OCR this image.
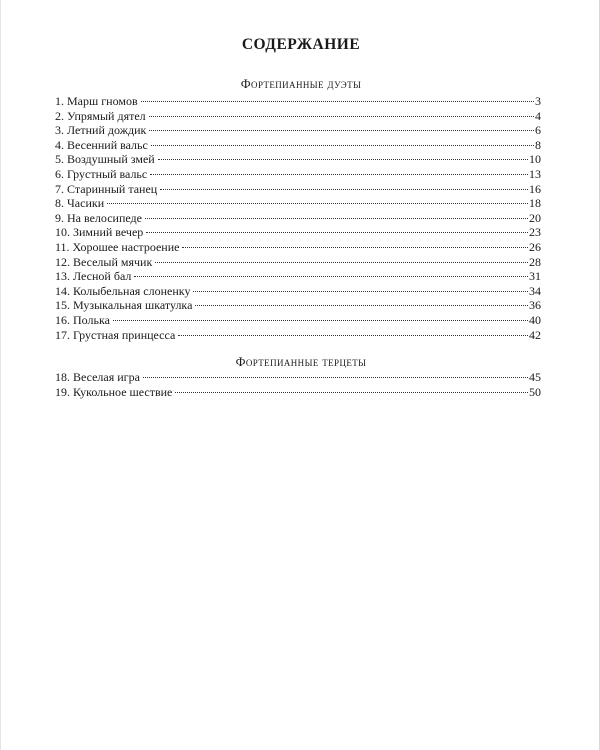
СОДЕРЖАНИЕ
Фортепианные дуэты
1. Марш гномов	3
2. Упрямый дятел	4
3. Летний дождик	6
4. Весенний вальс	8
5. Воздушный змей	10
6. Грустный вальс	13
7. Старинный танец	16
8. Часики	18
9. На велосипеде	20
10. Зимний вечер	23
11. Хорошее настроение	26
12. Веселый мячик	28
13. Лесной бал	31
14. Колыбельная слоненку	34
15. Музыкальная шкатулка	36
16. Полька	40
17. Грустная принцесса	42
Фортепианные терцеты
18. Веселая игра	45
19. Кукольное шествие	50
